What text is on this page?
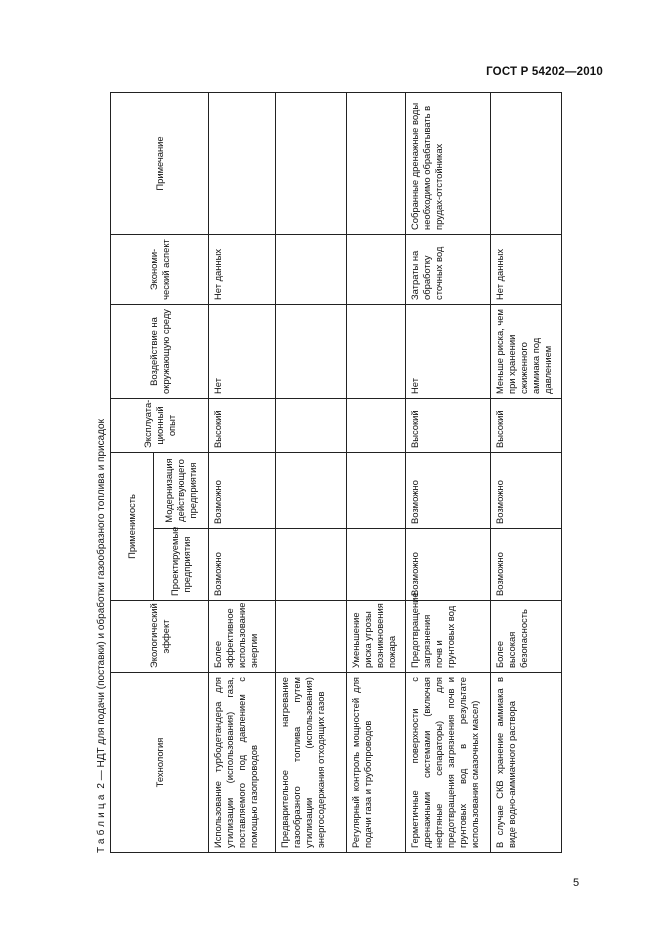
ГОСТ Р 54202—2010
Таблица 2 — НДТ для подачи (поставки) и обработки газообразного топлива и присадок	Технология	Экологический эффект	Применимость		Эксплуата-ционный опыт	Воздействие на окружающую среду	Экономи-ческий аспект	Примечание
		Проектируемые предприятия	Модернизация действующего предприятия				
Использование турбодетандера для утилизации (использования) газа, поставляемого под давлением с помощью газопроводов	Более эффективное использование энергии	Возможно	Возможно	Высокий	Нет	Нет данных	
Предварительное нагревание газообразного топлива путем утилизации (использования) энергосодержания отходящих газов							
Регулярный контроль мощностей для подачи газа и трубопроводов	Уменьшение риска угрозы возникновения пожара						
Герметичные поверхности с дренажными системами (включая нефтяные сепараторы) для предотвращения загрязнения почв и грунтовых вод в результате использования смазочных масел)	Предотвращение загрязнения почв и грунтовых вод	Возможно	Возможно	Высокий	Нет	Затраты на обработку сточных вод	Собранные дренажные воды необходимо обрабатывать в прудах-отстойниках
В случае СКВ хранение аммиака в виде водно-аммиачного раствора	Более высокая безопасность	Возможно	Возможно	Высокий	Меньше риска, чем при хранении сжиженного аммиака под давлением	Нет данных	
5
